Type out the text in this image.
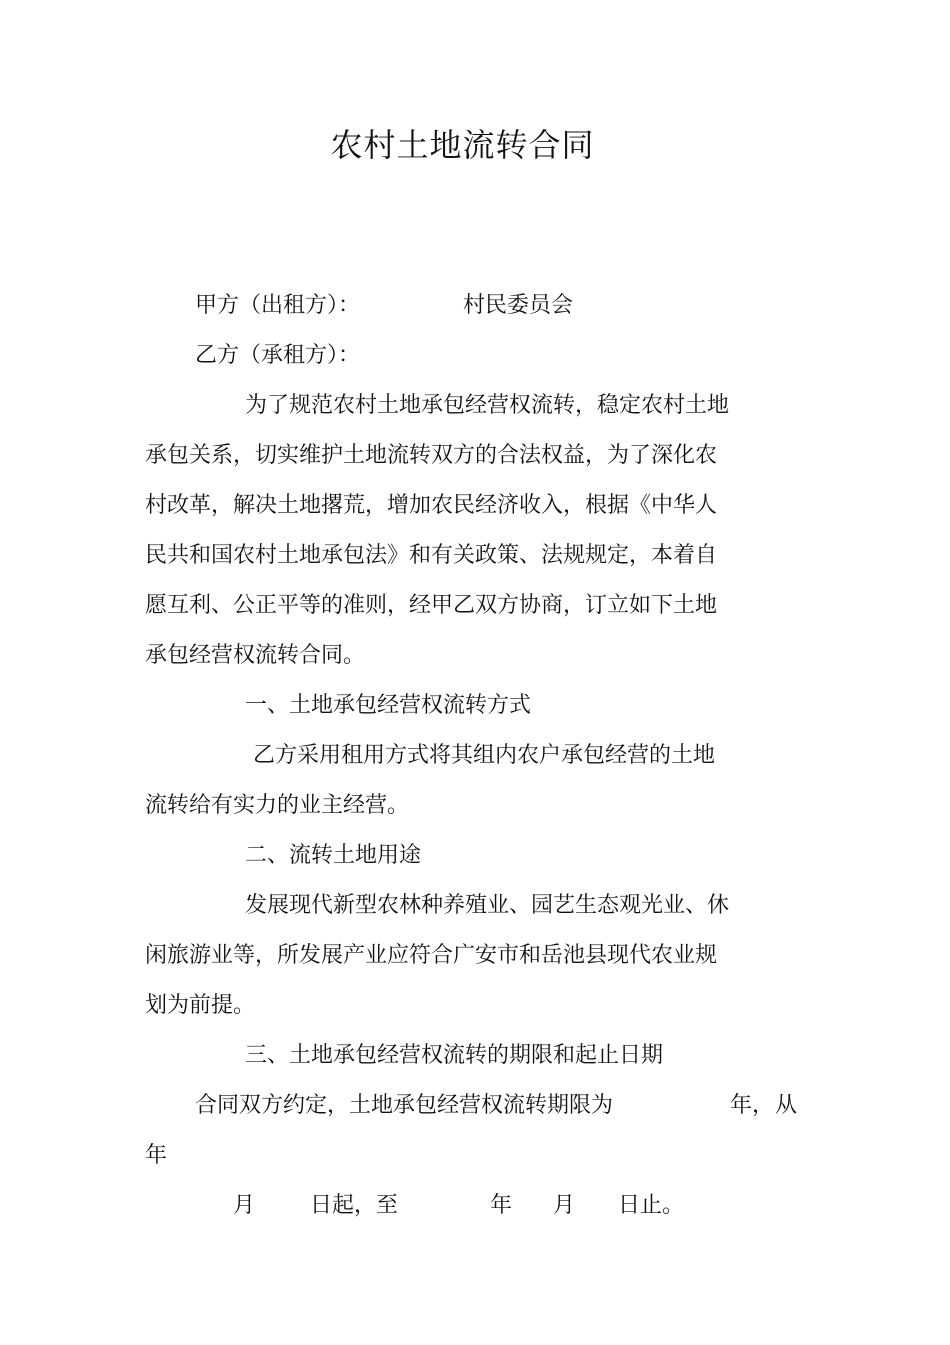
农村土地流转合同

甲方（出租方）：	村民委员会

乙方（承租方）：

为了规范农村土地承包经营权流转，稳定农村土地

承包关系，切实维护土地流转双方的合法权益，为了深化农

村改革，解决土地撂荒，增加农民经济收入，根据《中华人

民共和国农村土地承包法》和有关政策、法规规定，本着自

愿互利、公正平等的准则，经甲乙双方协商，订立如下土地

承包经营权流转合同。

一、土地承包经营权流转方式

乙方采用租用方式将其组内农户承包经营的土地

流转给有实力的业主经营。

二、流转土地用途

发展现代新型农林种养殖业、园艺生态观光业、休

闲旅游业等，所发展产业应符合广安市和岳池县现代农业规

划为前提。

三、土地承包经营权流转的期限和起止日期

合同双方约定，土地承包经营权流转期限为	年， 从

年

月 日起，至	年 月 日止。
